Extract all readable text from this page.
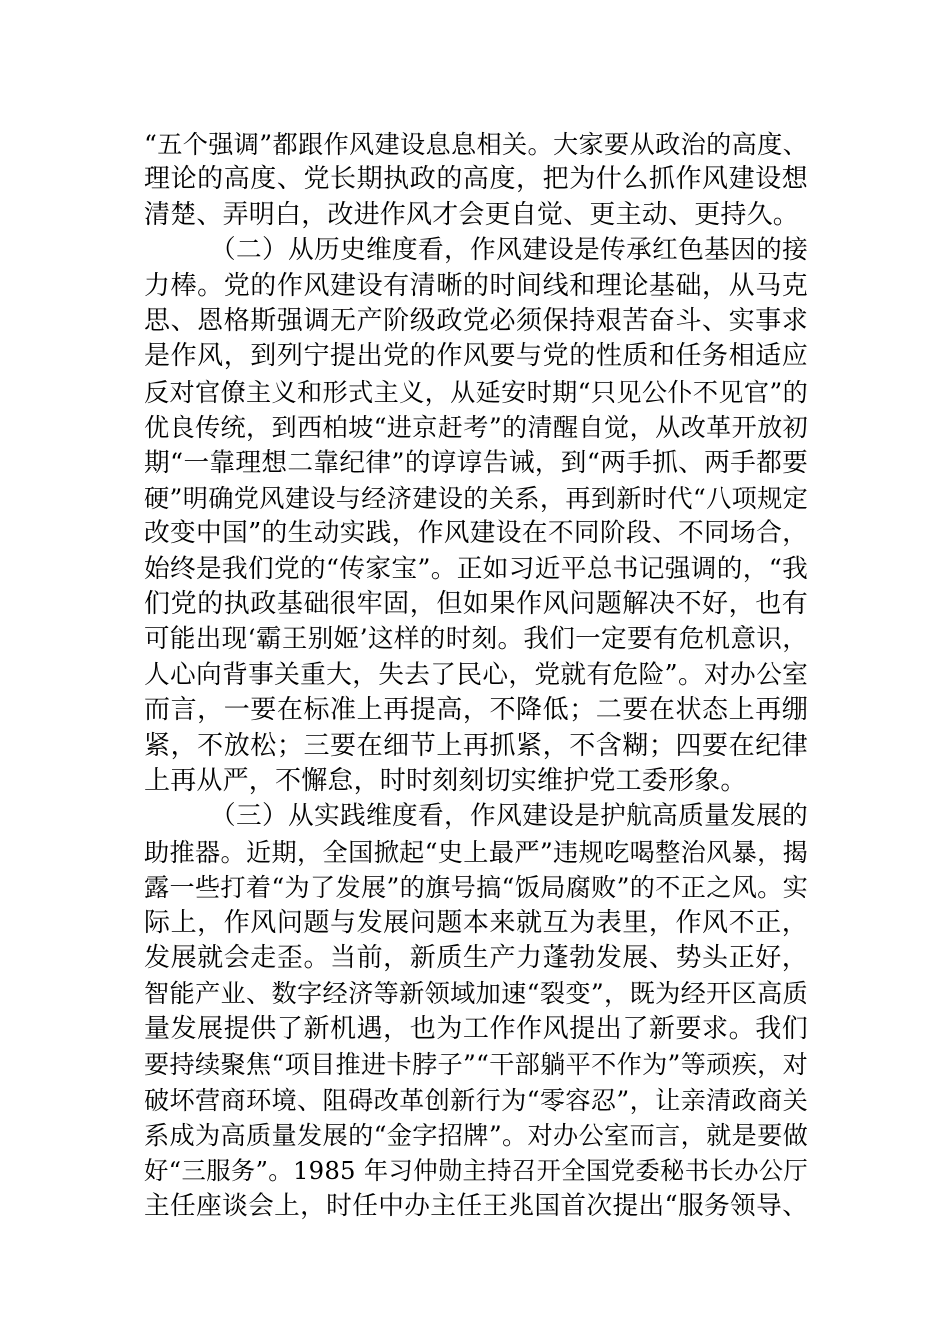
“五个强调”都跟作风建设息息相关。大家要从政治的高度、
理论的高度、党长期执政的高度，把为什么抓作风建设想
清楚、弄明白，改进作风才会更自觉、更主动、更持久。
（二）从历史维度看，作风建设是传承红色基因的接
力棒。党的作风建设有清晰的时间线和理论基础，从马克
思、恩格斯强调无产阶级政党必须保持艰苦奋斗、实事求
是作风，到列宁提出党的作风要与党的性质和任务相适应
反对官僚主义和形式主义，从延安时期“只见公仆不见官”的
优良传统，到西柏坡“进京赶考”的清醒自觉，从改革开放初
期“一靠理想二靠纪律”的谆谆告诫，到“两手抓、两手都要
硬”明确党风建设与经济建设的关系，再到新时代“八项规定
改变中国”的生动实践，作风建设在不同阶段、不同场合，
始终是我们党的“传家宝”。正如习近平总书记强调的，“我
们党的执政基础很牢固，但如果作风问题解决不好，也有
可能出现‘霸王别姬’这样的时刻。我们一定要有危机意识，
人心向背事关重大，失去了民心，党就有危险”。对办公室
而言，一要在标准上再提高，不降低；二要在状态上再绷
紧，不放松；三要在细节上再抓紧，不含糊；四要在纪律
上再从严，不懈怠，时时刻刻切实维护党工委形象。
（三）从实践维度看，作风建设是护航高质量发展的
助推器。近期，全国掀起“史上最严”违规吃喝整治风暴，揭
露一些打着“为了发展”的旗号搞“饭局腐败”的不正之风。实
际上，作风问题与发展问题本来就互为表里，作风不正，
发展就会走歪。当前，新质生产力蓬勃发展、势头正好，
智能产业、数字经济等新领域加速“裂变”，既为经开区高质
量发展提供了新机遇，也为工作作风提出了新要求。我们
要持续聚焦“项目推进卡脖子”“干部躺平不作为”等顽疾，对
破坏营商环境、阻碍改革创新行为“零容忍”，让亲清政商关
系成为高质量发展的“金字招牌”。对办公室而言，就是要做
好“三服务”。1985 年习仲勋主持召开全国党委秘书长办公厅
主任座谈会上，时任中办主任王兆国首次提出“服务领导、
